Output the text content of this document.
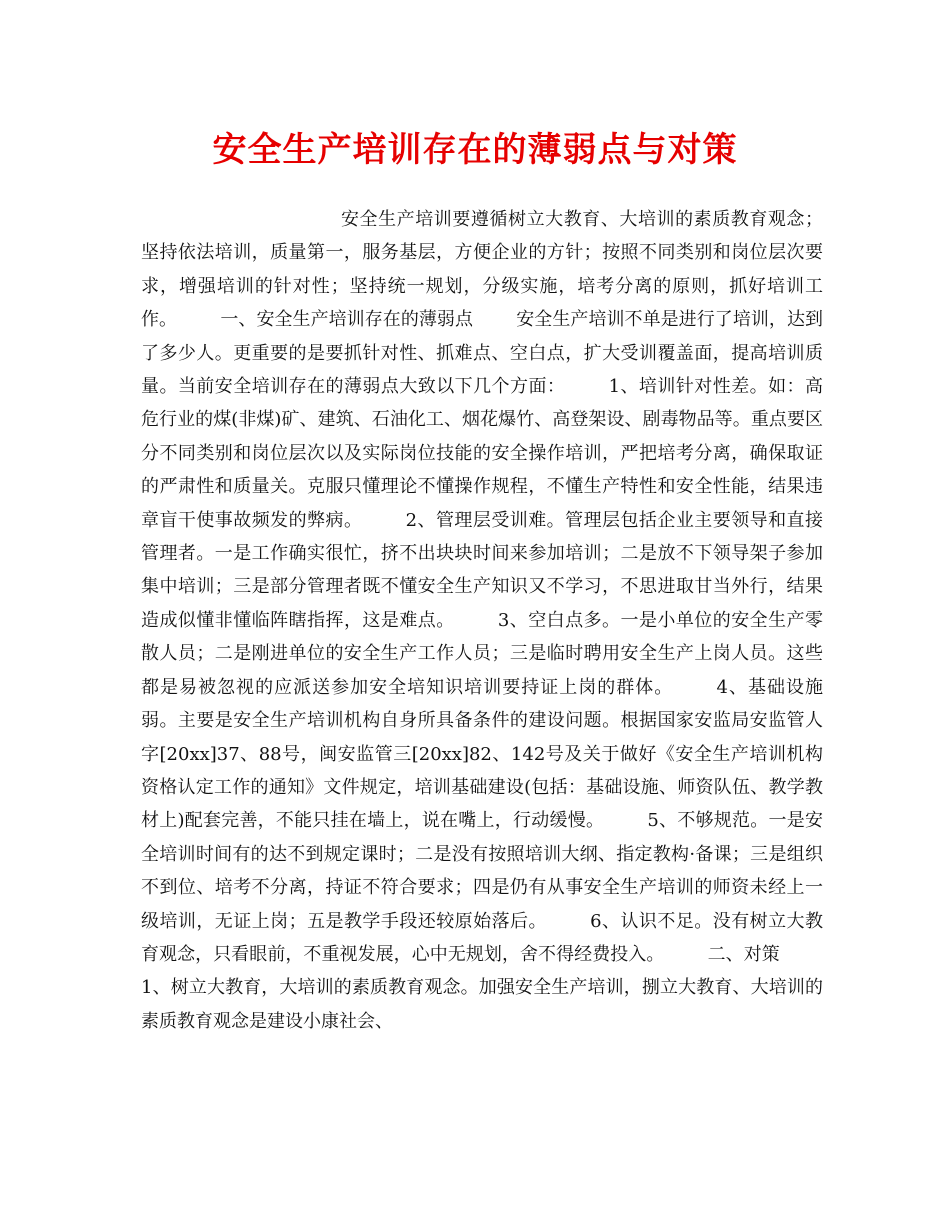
安全生产培训存在的薄弱点与对策

安全生产培训要遵循树立大教育、大培训的素质教育观念；坚持依法培训，质量第一，服务基层，方便企业的方针；按照不同类别和岗位层次要求，增强培训的针对性；坚持统一规划，分级实施，培考分离的原则，抓好培训工作。 一、安全生产培训存在的薄弱点 安全生产培训不单是进行了培训，达到了多少人。更重要的是要抓针对性、抓难点、空白点，扩大受训覆盖面，提高培训质量。当前安全培训存在的薄弱点大致以下几个方面： 1、培训针对性差。如：高危行业的煤(非煤)矿、建筑、石油化工、烟花爆竹、高登架设、剧毒物品等。重点要区分不同类别和岗位层次以及实际岗位技能的安全操作培训，严把培考分离，确保取证的严肃性和质量关。克服只懂理论不懂操作规程，不懂生产特性和安全性能，结果违章盲干使事故频发的弊病。 2、管理层受训难。管理层包括企业主要领导和直接管理者。一是工作确实很忙，挤不出块块时间来参加培训；二是放不下领导架子参加集中培训；三是部分管理者既不懂安全生产知识又不学习，不思进取甘当外行，结果造成似懂非懂临阵瞎指挥，这是难点。 3、空白点多。一是小单位的安全生产零散人员；二是刚进单位的安全生产工作人员；三是临时聘用安全生产上岗人员。这些都是易被忽视的应派送参加安全培知识培训要持证上岗的群体。 4、基础设施弱。主要是安全生产培训机构自身所具备条件的建设问题。根据国家安监局安监管人字[20xx]37、88号，闽安监管三[20xx]82、142号及关于做好《安全生产培训机构资格认定工作的通知》文件规定，培训基础建设(包括：基础设施、师资队伍、教学教材上)配套完善，不能只挂在墙上，说在嘴上，行动缓慢。 5、不够规范。一是安全培训时间有的达不到规定课时；二是没有按照培训大纲、指定教构·备课；三是组织不到位、培考不分离，持证不符合要求；四是仍有从事安全生产培训的师资未经上一级培训，无证上岗；五是教学手段还较原始落后。 6、认识不足。没有树立大教育观念，只看眼前，不重视发展，心中无规划，舍不得经费投入。 二、对策1、树立大教育，大培训的素质教育观念。加强安全生产培训，捌立大教育、大培训的素质教育观念是建设小康社会、
